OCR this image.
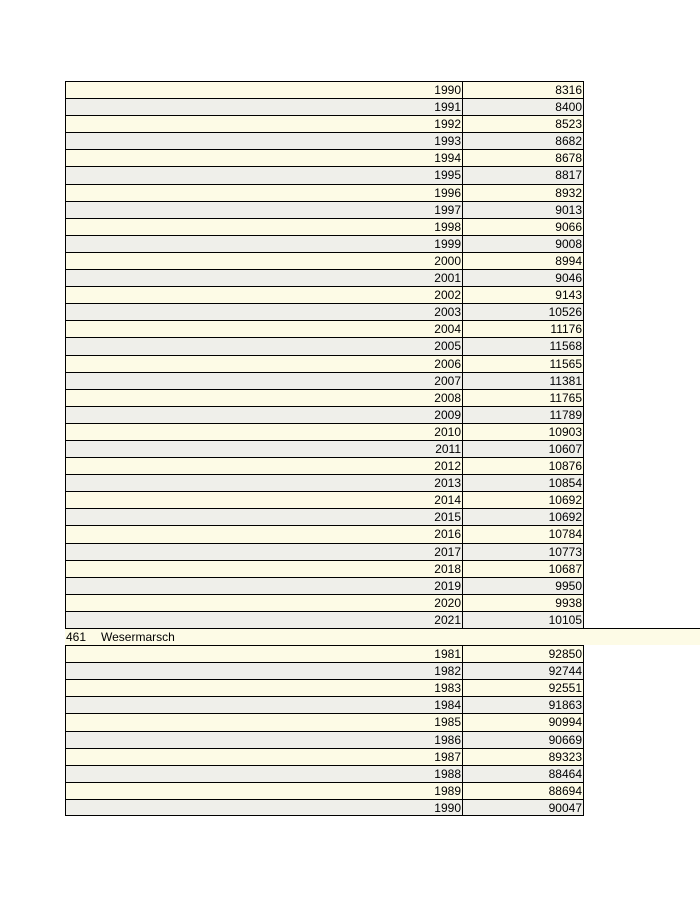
1990	8316
1991	8400
1992	8523
1993	8682
1994	8678
1995	8817
1996	8932
1997	9013
1998	9066
1999	9008
2000	8994
2001	9046
2002	9143
2003	10526
2004	11176
2005	11568
2006	11565
2007	11381
2008	11765
2009	11789
2010	10903
2011	10607
2012	10876
2013	10854
2014	10692
2015	10692
2016	10784
2017	10773
2018	10687
2019	9950
2020	9938
2021	10105
461 Wesermarsch
1981	92850
1982	92744
1983	92551
1984	91863
1985	90994
1986	90669
1987	89323
1988	88464
1989	88694
1990	90047
